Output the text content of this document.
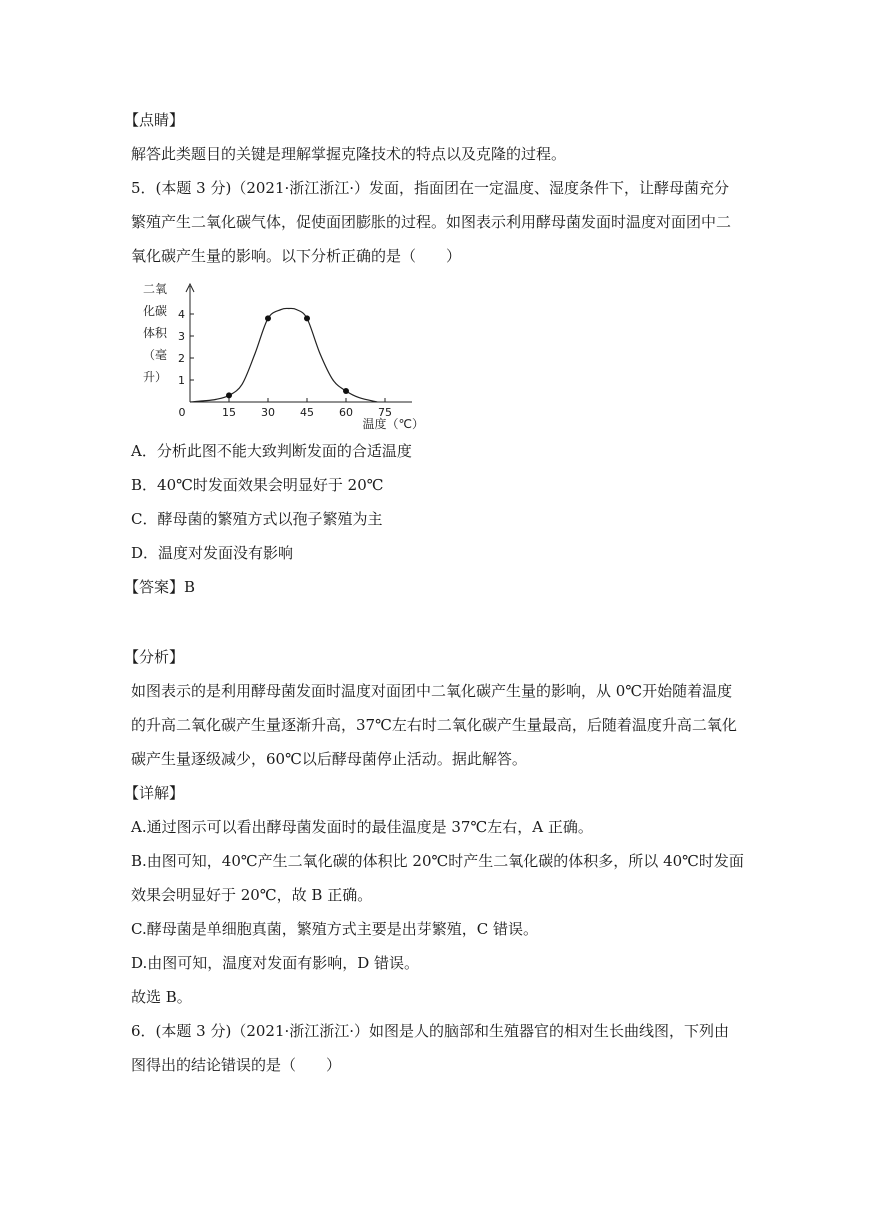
【点睛】
解答此类题目的关键是理解掌握克隆技术的特点以及克隆的过程。
5．(本题 3 分)（2021·浙江浙江·）发面，指面团在一定温度、湿度条件下，让酵母菌充分
繁殖产生二氧化碳气体，促使面团膨胀的过程。如图表示利用酵母菌发面时温度对面团中二
氧化碳产生量的影响。以下分析正确的是（　　）
1
2
3
4
0	15 30 45 60 75
二氧
化碳
体积
（毫
升）
温度（℃）
A．分析此图不能大致判断发面的合适温度
B．40℃时发面效果会明显好于 20℃
C．酵母菌的繁殖方式以孢子繁殖为主
D．温度对发面没有影响
【答案】B
【分析】
如图表示的是利用酵母菌发面时温度对面团中二氧化碳产生量的影响，从 0℃开始随着温度
的升高二氧化碳产生量逐渐升高，37℃左右时二氧化碳产生量最高，后随着温度升高二氧化
碳产生量逐级减少，60℃以后酵母菌停止活动。据此解答。
【详解】
A.通过图示可以看出酵母菌发面时的最佳温度是 37℃左右，A 正确。
B.由图可知，40℃产生二氧化碳的体积比 20℃时产生二氧化碳的体积多，所以 40℃时发面
效果会明显好于 20℃，故 B 正确。
C.酵母菌是单细胞真菌，繁殖方式主要是出芽繁殖，C 错误。
D.由图可知，温度对发面有影响，D 错误。
故选 B。
6．(本题 3 分)（2021·浙江浙江·）如图是人的脑部和生殖器官的相对生长曲线图，下列由
图得出的结论错误的是（　　）
